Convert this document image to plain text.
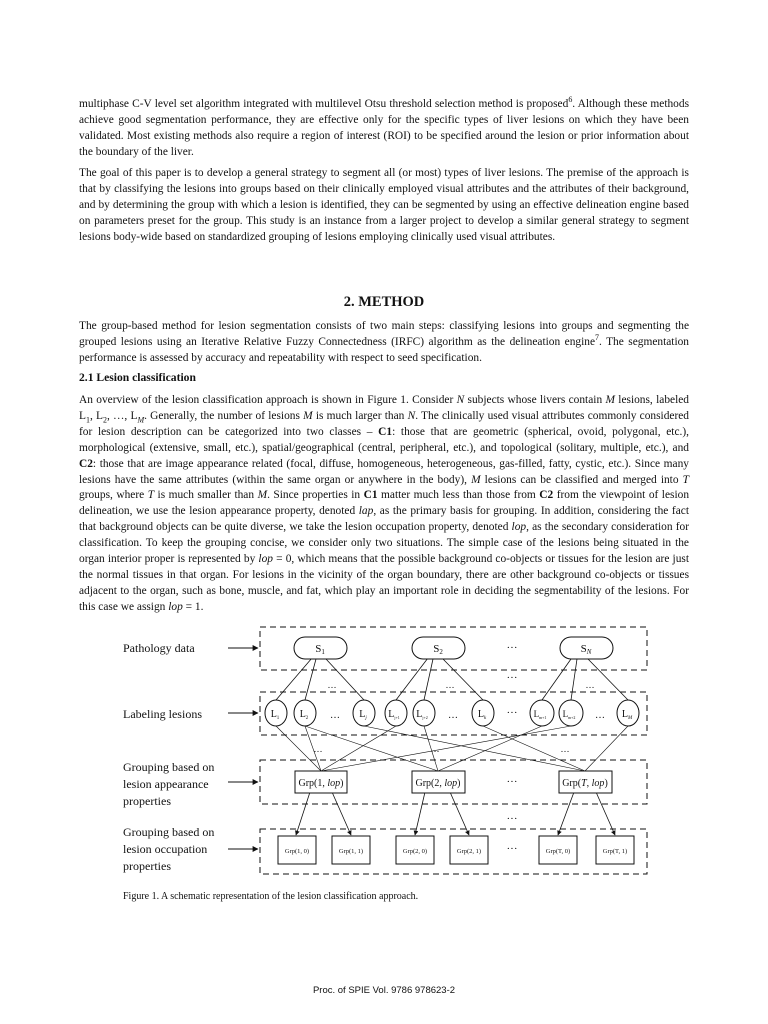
multiphase C-V level set algorithm integrated with multilevel Otsu threshold selection method is proposed$^6$. Although these methods achieve good segmentation performance, they are effective only for the specific types of liver lesions on which they have been validated. Most existing methods also require a region of interest (ROI) to be specified around the lesion or prior information about the boundary of the liver.

The goal of this paper is to develop a general strategy to segment all (or most) types of liver lesions. The premise of the approach is that by classifying the lesions into groups based on their clinically employed visual attributes and the attributes of their background, and by determining the group with which a lesion is identified, they can be segmented by using an effective delineation engine based on parameters preset for the group. This study is an instance from a larger project to develop a similar general strategy to segment lesions body-wide based on standardized grouping of lesions employing clinically used visual attributes.

2. METHOD

The group-based method for lesion segmentation consists of two main steps: classifying lesions into groups and segmenting the grouped lesions using an Iterative Relative Fuzzy Connectedness (IRFC) algorithm as the delineation engine$^7$. The segmentation performance is assessed by accuracy and repeatability with respect to seed specification.

2.1 Lesion classification

An overview of the lesion classification approach is shown in Figure 1. Consider N subjects whose livers contain M lesions, labeled $L_1$, $L_2$, …, $L_M$. Generally, the number of lesions M is much larger than N. The clinically used visual attributes commonly considered for lesion description can be categorized into two classes – C1: those that are geometric (spherical, ovoid, polygonal, etc.), morphological (extensive, small, etc.), spatial/geographical (central, peripheral, etc.), and topological (solitary, multiple, etc.), and C2: those that are image appearance related (focal, diffuse, homogeneous, heterogeneous, gas-filled, fatty, cystic, etc.). Since many lesions have the same attributes (within the same organ or anywhere in the body), M lesions can be classified and merged into T groups, where T is much smaller than M. Since properties in C1 matter much less than those from C2 from the viewpoint of lesion delineation, we use the lesion appearance property, denoted lap, as the primary basis for grouping. In addition, considering the fact that background objects can be quite diverse, we take the lesion occupation property, denoted lop, as the secondary consideration for classification. To keep the grouping concise, we consider only two situations. The simple case of the lesions being situated in the organ interior proper is represented by lop = 0, which means that the possible background co-objects or tissues for the lesion are just the normal tissues in that organ. For lesions in the vicinity of the organ boundary, there are other background co-objects or tissues adjacent to the organ, such as bone, muscle, and fat, which play an important role in deciding the segmentability of the lesions. For this case we assign lop = 1.

Pathology data
Labeling lesions
Grouping based on
lesion appearance
properties
Grouping based on
lesion occupation
properties
S1	S2	···	SN
…	…
···
…
$L_1$ $L_2$ … $L_j$ $L_{j+1}$ $L_{j+2}$ … $L_k$ ··· $L_{m+1}$ $L_{m+2}$ … $L_M$
…	…	…
Grp(1, lop)	Grp(2, lop)	···	Grp(T, lop)
···
Grp(1, 0)	Grp(1, 1)	Grp(2, 0)	Grp(2, 1) ···	Grp(T, 0)	Grp(T, 1)

Figure 1. A schematic representation of the lesion classification approach.

Proc. of SPIE Vol. 9786 978623-2
